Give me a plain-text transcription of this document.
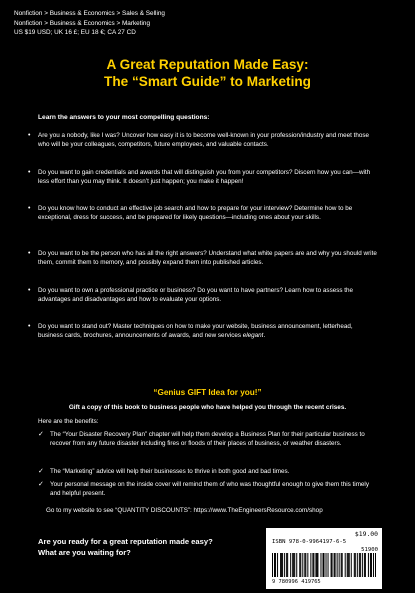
Nonfiction > Business & Economics > Sales & Selling
Nonfiction > Business & Economics > Marketing
US $19 USD; UK 16 £; EU 18 €; CA 27 CD
A Great Reputation Made Easy:
The “Smart Guide” to Marketing
Learn the answers to your most compelling questions:
• Are you a nobody, like I was? Uncover how easy it is to become well-known in your profession/industry and meet those who will be your colleagues, competitors, future employees, and valuable contacts.
• Do you want to gain credentials and awards that will distinguish you from your competitors? Discern how you can—with less effort than you may think. It doesn’t just happen; you make it happen!
• Do you know how to conduct an effective job search and how to prepare for your interview? Determine how to be exceptional, dress for success, and be prepared for likely questions—including ones about your skills.
• Do you want to be the person who has all the right answers? Understand what white papers are and why you should write them, commit them to memory, and possibly expand them into published articles.
• Do you want to own a professional practice or business? Do you want to have partners? Learn how to assess the advantages and disadvantages and how to evaluate your options.
• Do you want to stand out? Master techniques on how to make your website, business announcement, letterhead, business cards, brochures, announcements of awards, and new services elegant.
“Genius GIFT Idea for you!”
Gift a copy of this book to business people who have helped you through the recent crises.
Here are the benefits:
✓ The “Your Disaster Recovery Plan” chapter will help them develop a Business Plan for their particular business to recover from any future disaster including fires or floods of their places of business, or weather disasters.
✓ The “Marketing” advice will help their businesses to thrive in both good and bad times.
✓ Your personal message on the inside cover will remind them of who was thoughtful enough to give them this timely and helpful present.
Go to my website to see “QUANTITY DISCOUNTS”: https://www.TheEngineersResource.com/shop
Are you ready for a great reputation made easy?
What are you waiting for?
$19.00
ISBN 978-0-9964197-6-5
51900
9 780996 419765
